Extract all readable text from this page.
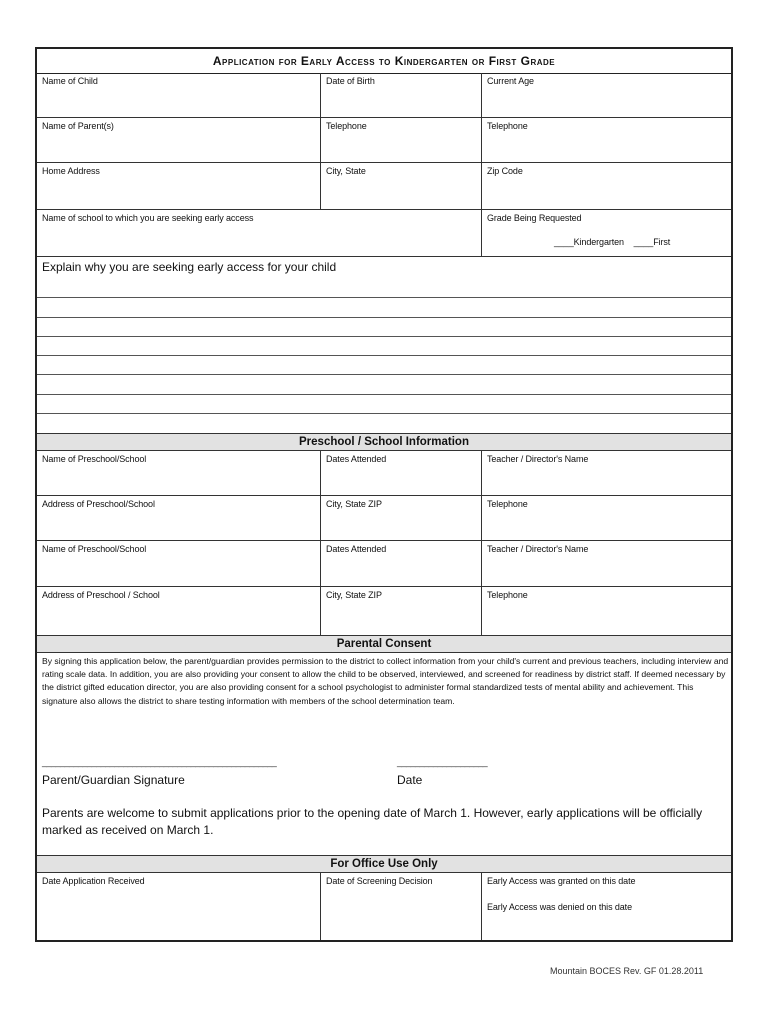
Application for Early Access to Kindergarten or First Grade
Name of Child	Date of Birth	Current Age
Name of Parent(s)	Telephone	Telephone
Home Address	City, State	Zip Code
Name of school to which you are seeking early access	Grade Being Requested
____Kindergarten ____First
Explain why you are seeking early access for your child
Preschool / School Information
Name of Preschool/School	Dates Attended	Teacher / Director's Name
Address of Preschool/School	City, State ZIP	Telephone
Name of Preschool/School	Dates Attended	Teacher / Director's Name
Address of Preschool / School	City, State ZIP	Telephone
Parental Consent
By signing this application below, the parent/guardian provides permission to the district to collect information from your child's current and previous teachers, including interview and rating scale data. In addition, you are also providing your consent to allow the child to be observed, interviewed, and screened for readiness by district staff. If deemed necessary by the district gifted education director, you are also providing consent for a school psychologist to administer formal standardized tests of mental ability and achievement. This signature also allows the district to share testing information with members of the school determination team.
____________________________________________________	____________________
Parent/Guardian Signature	Date
Parents are welcome to submit applications prior to the opening date of March 1. However, early applications will be officially marked as received on March 1.
For Office Use Only
Date Application Received	Date of Screening Decision	Early Access was granted on this date
Early Access was denied on this date
Mountain BOCES Rev. GF 01.28.2011
